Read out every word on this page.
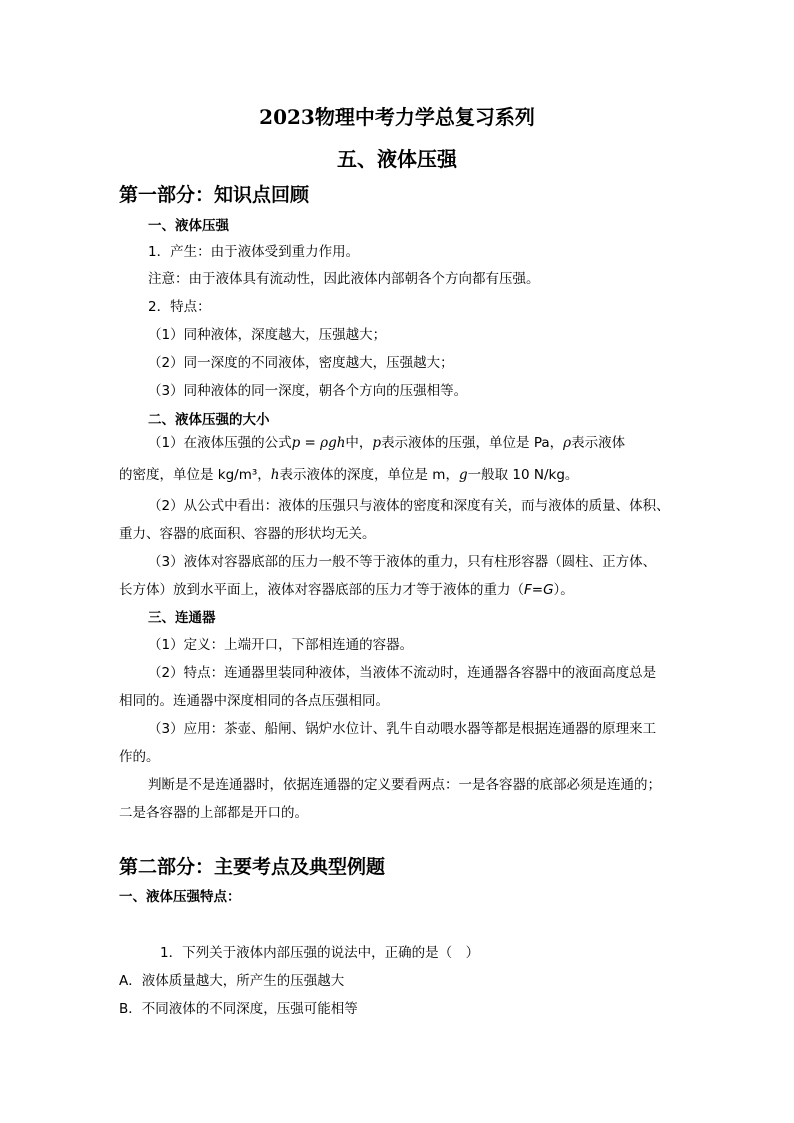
2023物理中考力学总复习系列
五、液体压强
第一部分：知识点回顾

一、液体压强

1．产生：由于液体受到重力作用。

注意：由于液体具有流动性，因此液体内部朝各个方向都有压强。

2．特点：

（1）同种液体，深度越大，压强越大；

（2）同一深度的不同液体，密度越大，压强越大；

（3）同种液体的同一深度，朝各个方向的压强相等。

二、液体压强的大小

（1）在液体压强的公式p = ρgh中，p表示液体的压强，单位是 Pa，ρ表示液体

的密度，单位是 kg/m³，h表示液体的深度，单位是 m，g一般取 10 N/kg。

（2）从公式中看出：液体的压强只与液体的密度和深度有关，而与液体的质量、体积、

重力、容器的底面积、容器的形状均无关。

（3）液体对容器底部的压力一般不等于液体的重力，只有柱形容器（圆柱、正方体、

长方体）放到水平面上，液体对容器底部的压力才等于液体的重力（F=G）。

三、连通器

（1）定义：上端开口，下部相连通的容器。

（2）特点：连通器里装同种液体，当液体不流动时，连通器各容器中的液面高度总是

相同的。连通器中深度相同的各点压强相同。

（3）应用：茶壶、船闸、锅炉水位计、乳牛自动喂水器等都是根据连通器的原理来工

作的。

判断是不是连通器时，依据连通器的定义要看两点：一是各容器的底部必须是连通的；

二是各容器的上部都是开口的。

第二部分：主要考点及典型例题

一、液体压强特点：

1．下列关于液体内部压强的说法中，正确的是（　）

A．液体质量越大，所产生的压强越大

B．不同液体的不同深度，压强可能相等
